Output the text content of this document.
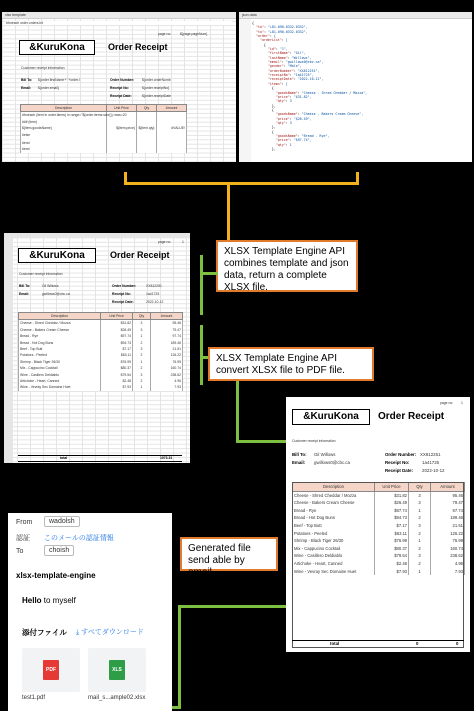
xlsx template
#foreach order.orders.bit
page no:	${page.pageNum}
&KuruKona	Order Receipt
Customer receipt information
Bill To: ${order.firstName+' '+order.l
Email: ${order.email}
Order Number: ${order.orderNumb
Receipt No:	${order.receiptNo}
Receipt Date:	${order.receiptDate
Description	Unit Price	Qty	Amount
#foreach (item in order.items) in range="${order.items.size()} rows=20			
##if (item)			
${item.goodsName}	${item.price}	${item.qty}	#VALUE!
#else			

#end			
#end			
json data
{
"to": "+81-090-0332-0332",
"to": "+81-090-0332-0332",
"order": {
"orderList": [
{
"id": "1",
"firstName": "Gil",
"lastName": "Willows",
"email": "gwillows0@cbc.ca",
"gender": "Male",
"orderNumber": "XX812251",
"receiptNo": "1a41725",
"receiptDate": "2022-10-12",
"items": [
{
"goodsName": "Cheese - Shred Cheddar / Mozza",
"price": "$31.82",
"qty": 3
},
{
"goodsName": "Cheese - Bakers Cream Cheese",
"price": "$26.49",
"qty": 3
},
{
"goodsName": "Bread - Rye",
"price": "$97.74",
"qty": 1
},
XLSX Template Engine API combines template and json data, return a complete XLSX file.
page no:	1
&KuruKona	Order Receipt
Customer receipt information
Bill To:	Gil Willows
Email:	gwillows0@cbc.ca
Order Number:	XX812251
Receipt No:	1a41725
Receipt Date:	2022-10-12
Description	Unit Price	Qty	Amount
Cheese - Shred Cheddar / Mozza	$31.82	3	95.46
Cheese - Bakers Cream Cheese	$26.49	3	79.47
Bread - Rye	$97.74	1	97.74
Bread - Hot Dog Buns	$94.73	2	189.46
Beef - Top Butt	$7.17	3	21.51
Potatoes - Peeled	$63.11	2	126.22
Shrimp - Black Tiger 26/30	$76.99	1	76.99
Mix - Cappucino Cocktail	$80.37	2	160.74
Wine - Casillero Deldiablo	$79.54	3	238.62
Artichoke - Heart, Canned	$2.48	2	4.96
Wine - Vevray Sec Domaine Huet	$7.93	1	7.93
total	1073.31
XLSX Template Engine API convert XLSX file to PDF file.
page no: 1
&KuruKona	Order Receipt
Customer receipt information
Bill To: Gil Willows
Email: gwillows0@cbc.ca
Order Number: XX812251
Receipt No:	1a41725
Receipt Date: 2022-10-12
Description	Unit Price	Qty	Amount
Cheese - Shred Cheddar / Mozza	$31.82	3	95.46
Cheese - Bakers Cream Cheese	$26.49	3	79.47
Bread - Rye	$97.74	1	97.74
Bread - Hot Dog Buns	$94.73	2	189.46
Beef - Top Butt	$7.17	3	21.51
Potatoes - Peeled	$63.11	2	126.22
Shrimp - Black Tiger 26/30	$76.99	1	76.99
Mix - Cappucino Cocktail	$80.37	2	160.74
Wine - Casillero Deldiablo	$79.54	3	238.62
Artichoke - Heart, Canned	$2.48	2	4.96
Wine - Vevray Sec Domaine Huet	$7.93	1	7.93
total	0	0
Generated file send able by email.
From	wadolsh
認証 このメールの認証情報
To	choish
xlsx-template-engine
Hello to myself
添付ファイル ⤓ すべてダウンロード
PDF
test1.pdf
XLS
mail_s...ample02.xlsx
